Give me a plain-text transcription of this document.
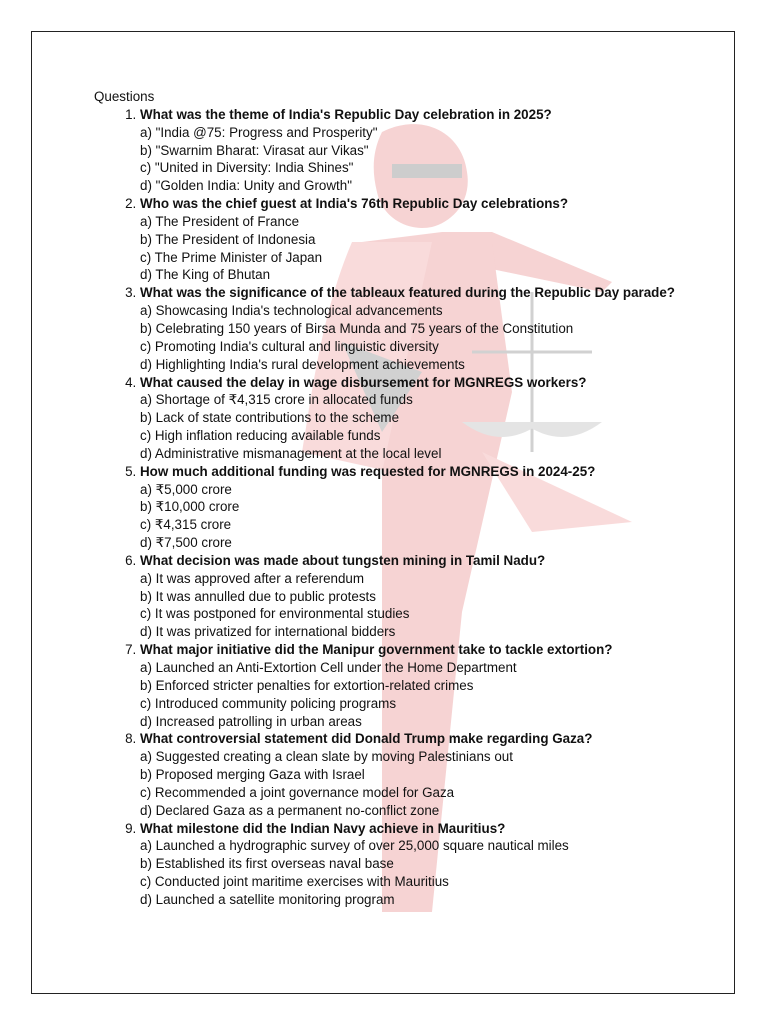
Questions
1. What was the theme of India's Republic Day celebration in 2025?
a) "India @75: Progress and Prosperity"
b) "Swarnim Bharat: Virasat aur Vikas"
c) "United in Diversity: India Shines"
d) "Golden India: Unity and Growth"
2. Who was the chief guest at India's 76th Republic Day celebrations?
a) The President of France
b) The President of Indonesia
c) The Prime Minister of Japan
d) The King of Bhutan
3. What was the significance of the tableaux featured during the Republic Day parade?
a) Showcasing India's technological advancements
b) Celebrating 150 years of Birsa Munda and 75 years of the Constitution
c) Promoting India's cultural and linguistic diversity
d) Highlighting India's rural development achievements
4. What caused the delay in wage disbursement for MGNREGS workers?
a) Shortage of ₹4,315 crore in allocated funds
b) Lack of state contributions to the scheme
c) High inflation reducing available funds
d) Administrative mismanagement at the local level
5. How much additional funding was requested for MGNREGS in 2024-25?
a) ₹5,000 crore
b) ₹10,000 crore
c) ₹4,315 crore
d) ₹7,500 crore
6. What decision was made about tungsten mining in Tamil Nadu?
a) It was approved after a referendum
b) It was annulled due to public protests
c) It was postponed for environmental studies
d) It was privatized for international bidders
7. What major initiative did the Manipur government take to tackle extortion?
a) Launched an Anti-Extortion Cell under the Home Department
b) Enforced stricter penalties for extortion-related crimes
c) Introduced community policing programs
d) Increased patrolling in urban areas
8. What controversial statement did Donald Trump make regarding Gaza?
a) Suggested creating a clean slate by moving Palestinians out
b) Proposed merging Gaza with Israel
c) Recommended a joint governance model for Gaza
d) Declared Gaza as a permanent no-conflict zone
9. What milestone did the Indian Navy achieve in Mauritius?
a) Launched a hydrographic survey of over 25,000 square nautical miles
b) Established its first overseas naval base
c) Conducted joint maritime exercises with Mauritius
d) Launched a satellite monitoring program
